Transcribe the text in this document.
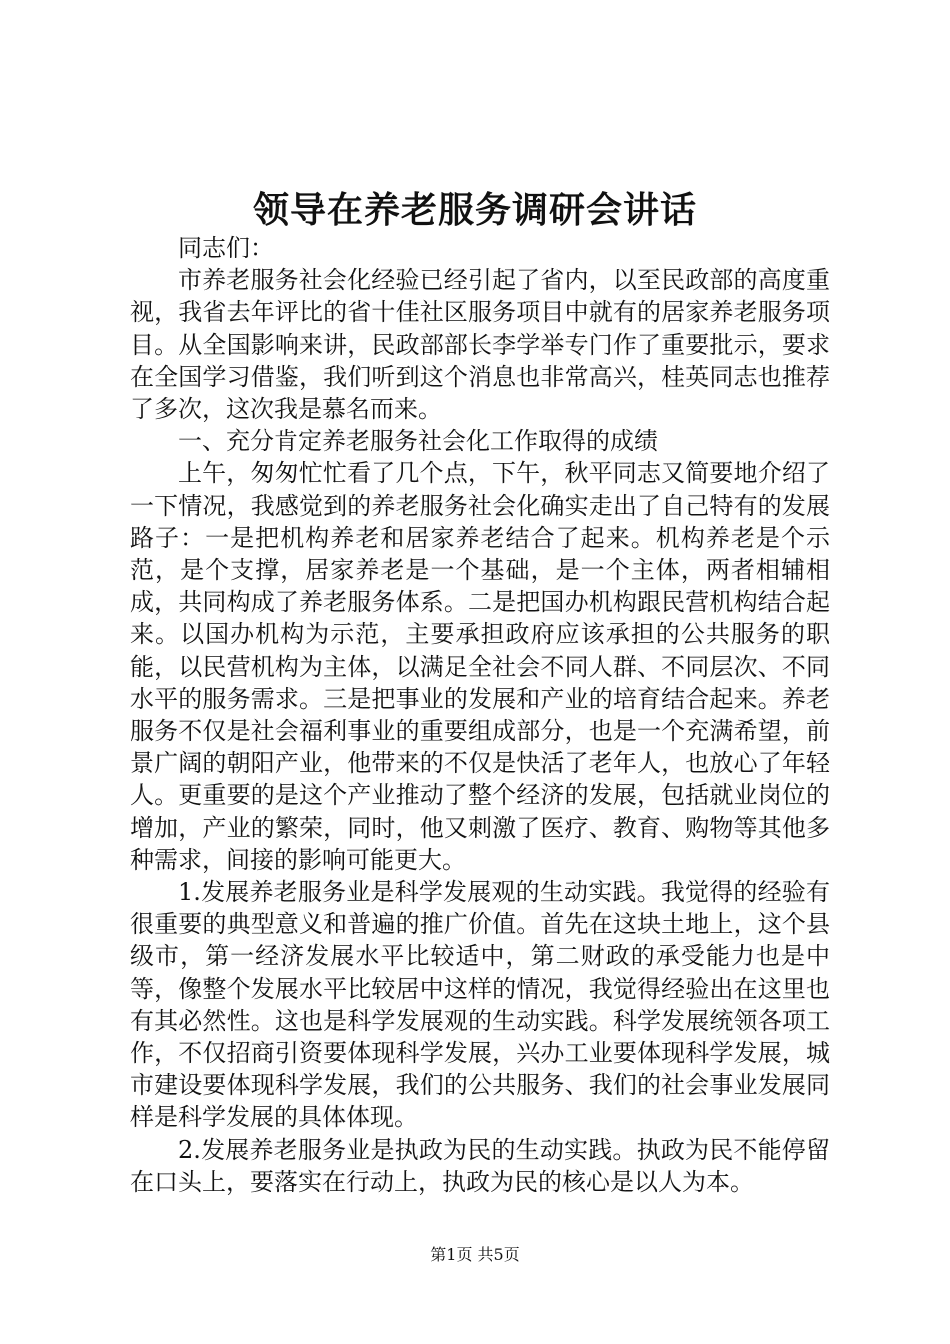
领导在养老服务调研会讲话

同志们：

市养老服务社会化经验已经引起了省内，以至民政部的高度重视，我省去年评比的省十佳社区服务项目中就有的居家养老服务项目。从全国影响来讲，民政部部长李学举专门作了重要批示，要求在全国学习借鉴，我们听到这个消息也非常高兴，桂英同志也推荐了多次，这次我是慕名而来。

一、充分肯定养老服务社会化工作取得的成绩

上午，匆匆忙忙看了几个点，下午，秋平同志又简要地介绍了一下情况，我感觉到的养老服务社会化确实走出了自己特有的发展路子：一是把机构养老和居家养老结合了起来。机构养老是个示范，是个支撑，居家养老是一个基础，是一个主体，两者相辅相成，共同构成了养老服务体系。二是把国办机构跟民营机构结合起来。以国办机构为示范，主要承担政府应该承担的公共服务的职能，以民营机构为主体，以满足全社会不同人群、不同层次、不同水平的服务需求。三是把事业的发展和产业的培育结合起来。养老服务不仅是社会福利事业的重要组成部分，也是一个充满希望，前景广阔的朝阳产业，他带来的不仅是快活了老年人，也放心了年轻人。更重要的是这个产业推动了整个经济的发展，包括就业岗位的增加，产业的繁荣，同时，他又刺激了医疗、教育、购物等其他多种需求，间接的影响可能更大。

1.发展养老服务业是科学发展观的生动实践。我觉得的经验有很重要的典型意义和普遍的推广价值。首先在这块土地上，这个县级市，第一经济发展水平比较适中，第二财政的承受能力也是中等，像整个发展水平比较居中这样的情况，我觉得经验出在这里也有其必然性。这也是科学发展观的生动实践。科学发展统领各项工作，不仅招商引资要体现科学发展，兴办工业要体现科学发展，城市建设要体现科学发展，我们的公共服务、我们的社会事业发展同样是科学发展的具体体现。

2.发展养老服务业是执政为民的生动实践。执政为民不能停留在口头上，要落实在行动上，执政为民的核心是以人为本。

第1页 共5页
